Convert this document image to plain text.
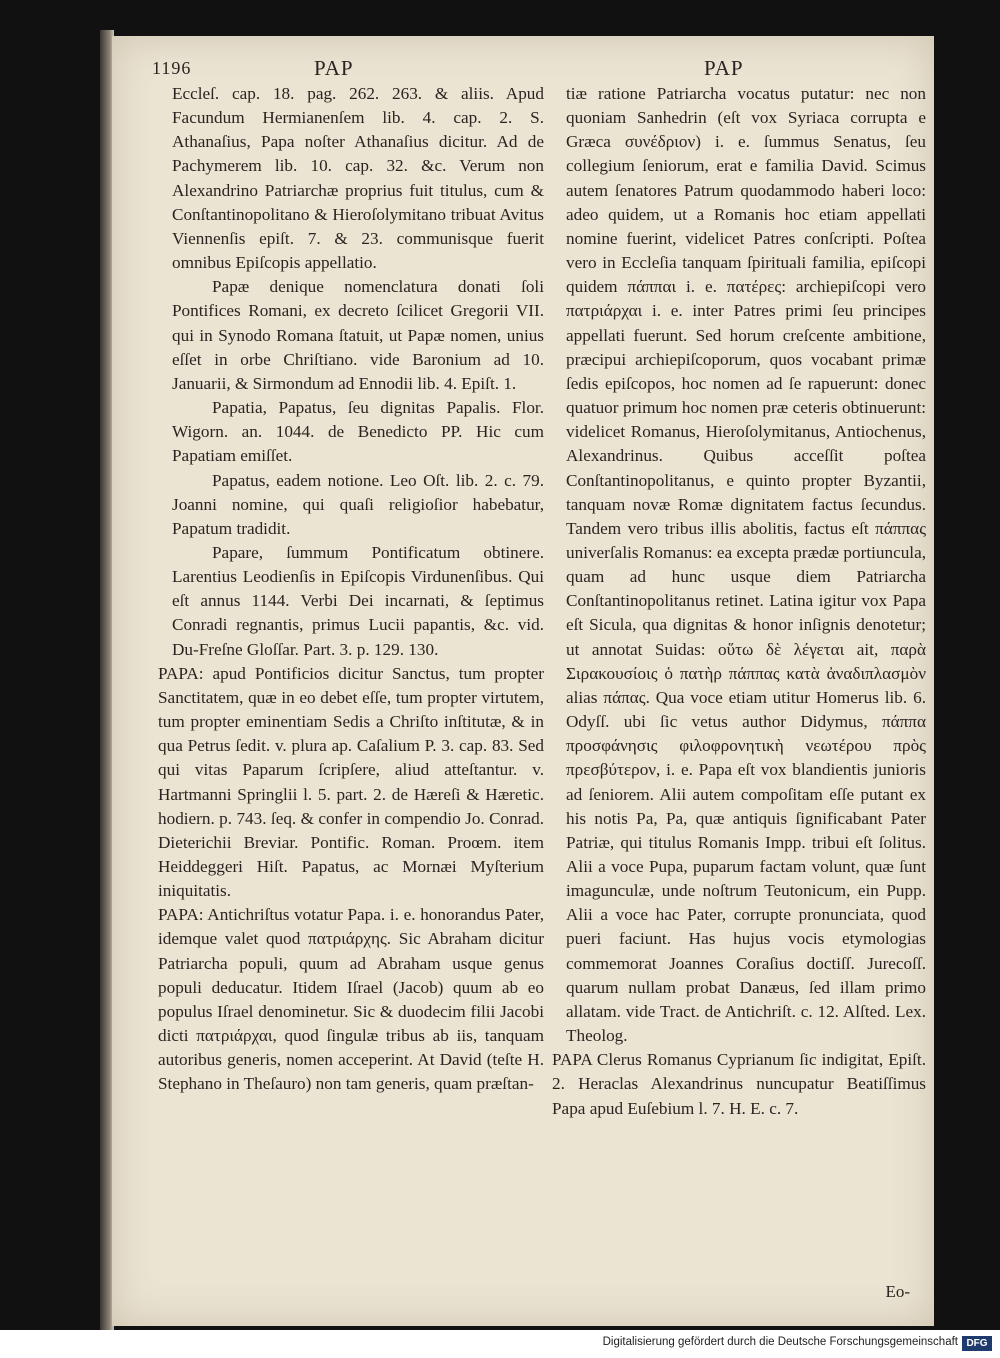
1196	PAP	PAP

Eccleſ. cap. 18. pag. 262. 263. & aliis. Apud Facundum Hermianenſem lib. 4. cap. 2. S. Athanaſius, Papa noſter Athanaſius dicitur. Ad de Pachymerem lib. 10. cap. 32. &c. Verum non Alexandrino Patriarchæ proprius fuit titulus, cum & Conſtantinopolitano & Hieroſolymitano tribuat Avitus Viennenſis epiſt. 7. & 23. communisque fuerit omnibus Epiſcopis appellatio.

Papæ denique nomenclatura donati ſoli Pontifices Romani, ex decreto ſcilicet Gregorii VII. qui in Synodo Romana ſtatuit, ut Papæ nomen, unius eſſet in orbe Chriſtiano. vide Baronium ad 10. Januarii, & Sirmondum ad Ennodii lib. 4. Epiſt. 1.

Papatia, Papatus, ſeu dignitas Papalis. Flor. Wigorn. an. 1044. de Benedicto PP. Hic cum Papatiam emiſſet.

Papatus, eadem notione. Leo Oſt. lib. 2. c. 79. Joanni nomine, qui quaſi religioſior habebatur, Papatum tradidit.

Papare, ſummum Pontificatum obtinere. Larentius Leodienſis in Epiſcopis Virdunenſibus. Qui eſt annus 1144. Verbi Dei incarnati, & ſeptimus Conradi regnantis, primus Lucii papantis, &c. vid. Du-Freſne Gloſſar. Part. 3. p. 129. 130.

PAPA: apud Pontificios dicitur Sanctus, tum propter Sanctitatem, quæ in eo debet eſſe, tum propter virtutem, tum propter eminentiam Sedis a Chriſto inſtitutæ, & in qua Petrus ſedit. v. plura ap. Caſalium P. 3. cap. 83. Sed qui vitas Paparum ſcripſere, aliud atteſtantur. v. Hartmanni Springlii l. 5. part. 2. de Hæreſi & Hæretic. hodiern. p. 743. ſeq. & confer in compendio Jo. Conrad. Dieterichii Breviar. Pontific. Roman. Proœm. item Heiddeggeri Hiſt. Papatus, ac Mornæi Myſterium iniquitatis.

PAPA: Antichriſtus votatur Papa. i. e. honorandus Pater, idemque valet quod πατριάρχης. Sic Abraham dicitur Patriarcha populi, quum ad Abraham usque genus populi deducatur. Itidem Iſrael (Jacob) quum ab eo populus Iſrael denominetur. Sic & duodecim filii Jacobi dicti πατριάρχαι, quod ſingulæ tribus ab iis, tanquam autoribus generis, nomen acceperint. At David (teſte H. Stephano in Theſauro) non tam generis, quam præſtan-

tiæ ratione Patriarcha vocatus putatur: nec non quoniam Sanhedrin (eſt vox Syriaca corrupta e Græca συνέδριον) i. e. ſummus Senatus, ſeu collegium ſeniorum, erat e familia David. Scimus autem ſenatores Patrum quodammodo haberi loco: adeo quidem, ut a Romanis hoc etiam appellati nomine fuerint, videlicet Patres conſcripti. Poſtea vero in Eccleſia tanquam ſpirituali familia, epiſcopi quidem πάππαι i. e. πατέρες: archiepiſcopi vero πατριάρχαι i. e. inter Patres primi ſeu principes appellati fuerunt. Sed horum creſcente ambitione, præcipui archiepiſcoporum, quos vocabant primæ ſedis epiſcopos, hoc nomen ad ſe rapuerunt: donec quatuor primum hoc nomen præ ceteris obtinuerunt: videlicet Romanus, Hieroſolymitanus, Antiochenus, Alexandrinus. Quibus acceſſit poſtea Conſtantinopolitanus, e quinto propter Byzantii, tanquam novæ Romæ dignitatem factus ſecundus. Tandem vero tribus illis abolitis, factus eſt πάππας univerſalis Romanus: ea excepta prædæ portiuncula, quam ad hunc usque diem Patriarcha Conſtantinopolitanus retinet. Latina igitur vox Papa eſt Sicula, qua dignitas & honor inſignis denotetur; ut annotat Suidas: οὕτω δὲ λέγεται ait, παρὰ Σιρακουσίοις ὁ πατὴρ πάππας κατὰ ἀναδιπλασμὸν alias πάπας. Qua voce etiam utitur Homerus lib. 6. Odyſſ. ubi ſic vetus author Didymus, πάππα προσφάνησις φιλοφρονητικὴ νεωτέρου πρὸς πρεσβύτερον, i. e. Papa eſt vox blandientis junioris ad ſeniorem. Alii autem compoſitam eſſe putant ex his notis Pa, Pa, quæ antiquis ſignificabant Pater Patriæ, qui titulus Romanis Impp. tribui eſt ſolitus. Alii a voce Pupa, puparum factam volunt, quæ ſunt imagunculæ, unde noſtrum Teutonicum, ein Pupp. Alii a voce hac Pater, corrupte pronunciata, quod pueri faciunt. Has hujus vocis etymologias commemorat Joannes Coraſius doctiſſ. Jurecoſſ. quarum nullam probat Danæus, ſed illam primo allatam. vide Tract. de Antichriſt. c. 12. Alſted. Lex. Theolog.

PAPA Clerus Romanus Cyprianum ſic indigitat, Epiſt. 2. Heraclas Alexandrinus nuncupatur Beatiſſimus Papa apud Euſebium l. 7. H. E. c. 7.

Eo-
Digitalisierung gefördert durch die Deutsche Forschungsgemeinschaft DFG
